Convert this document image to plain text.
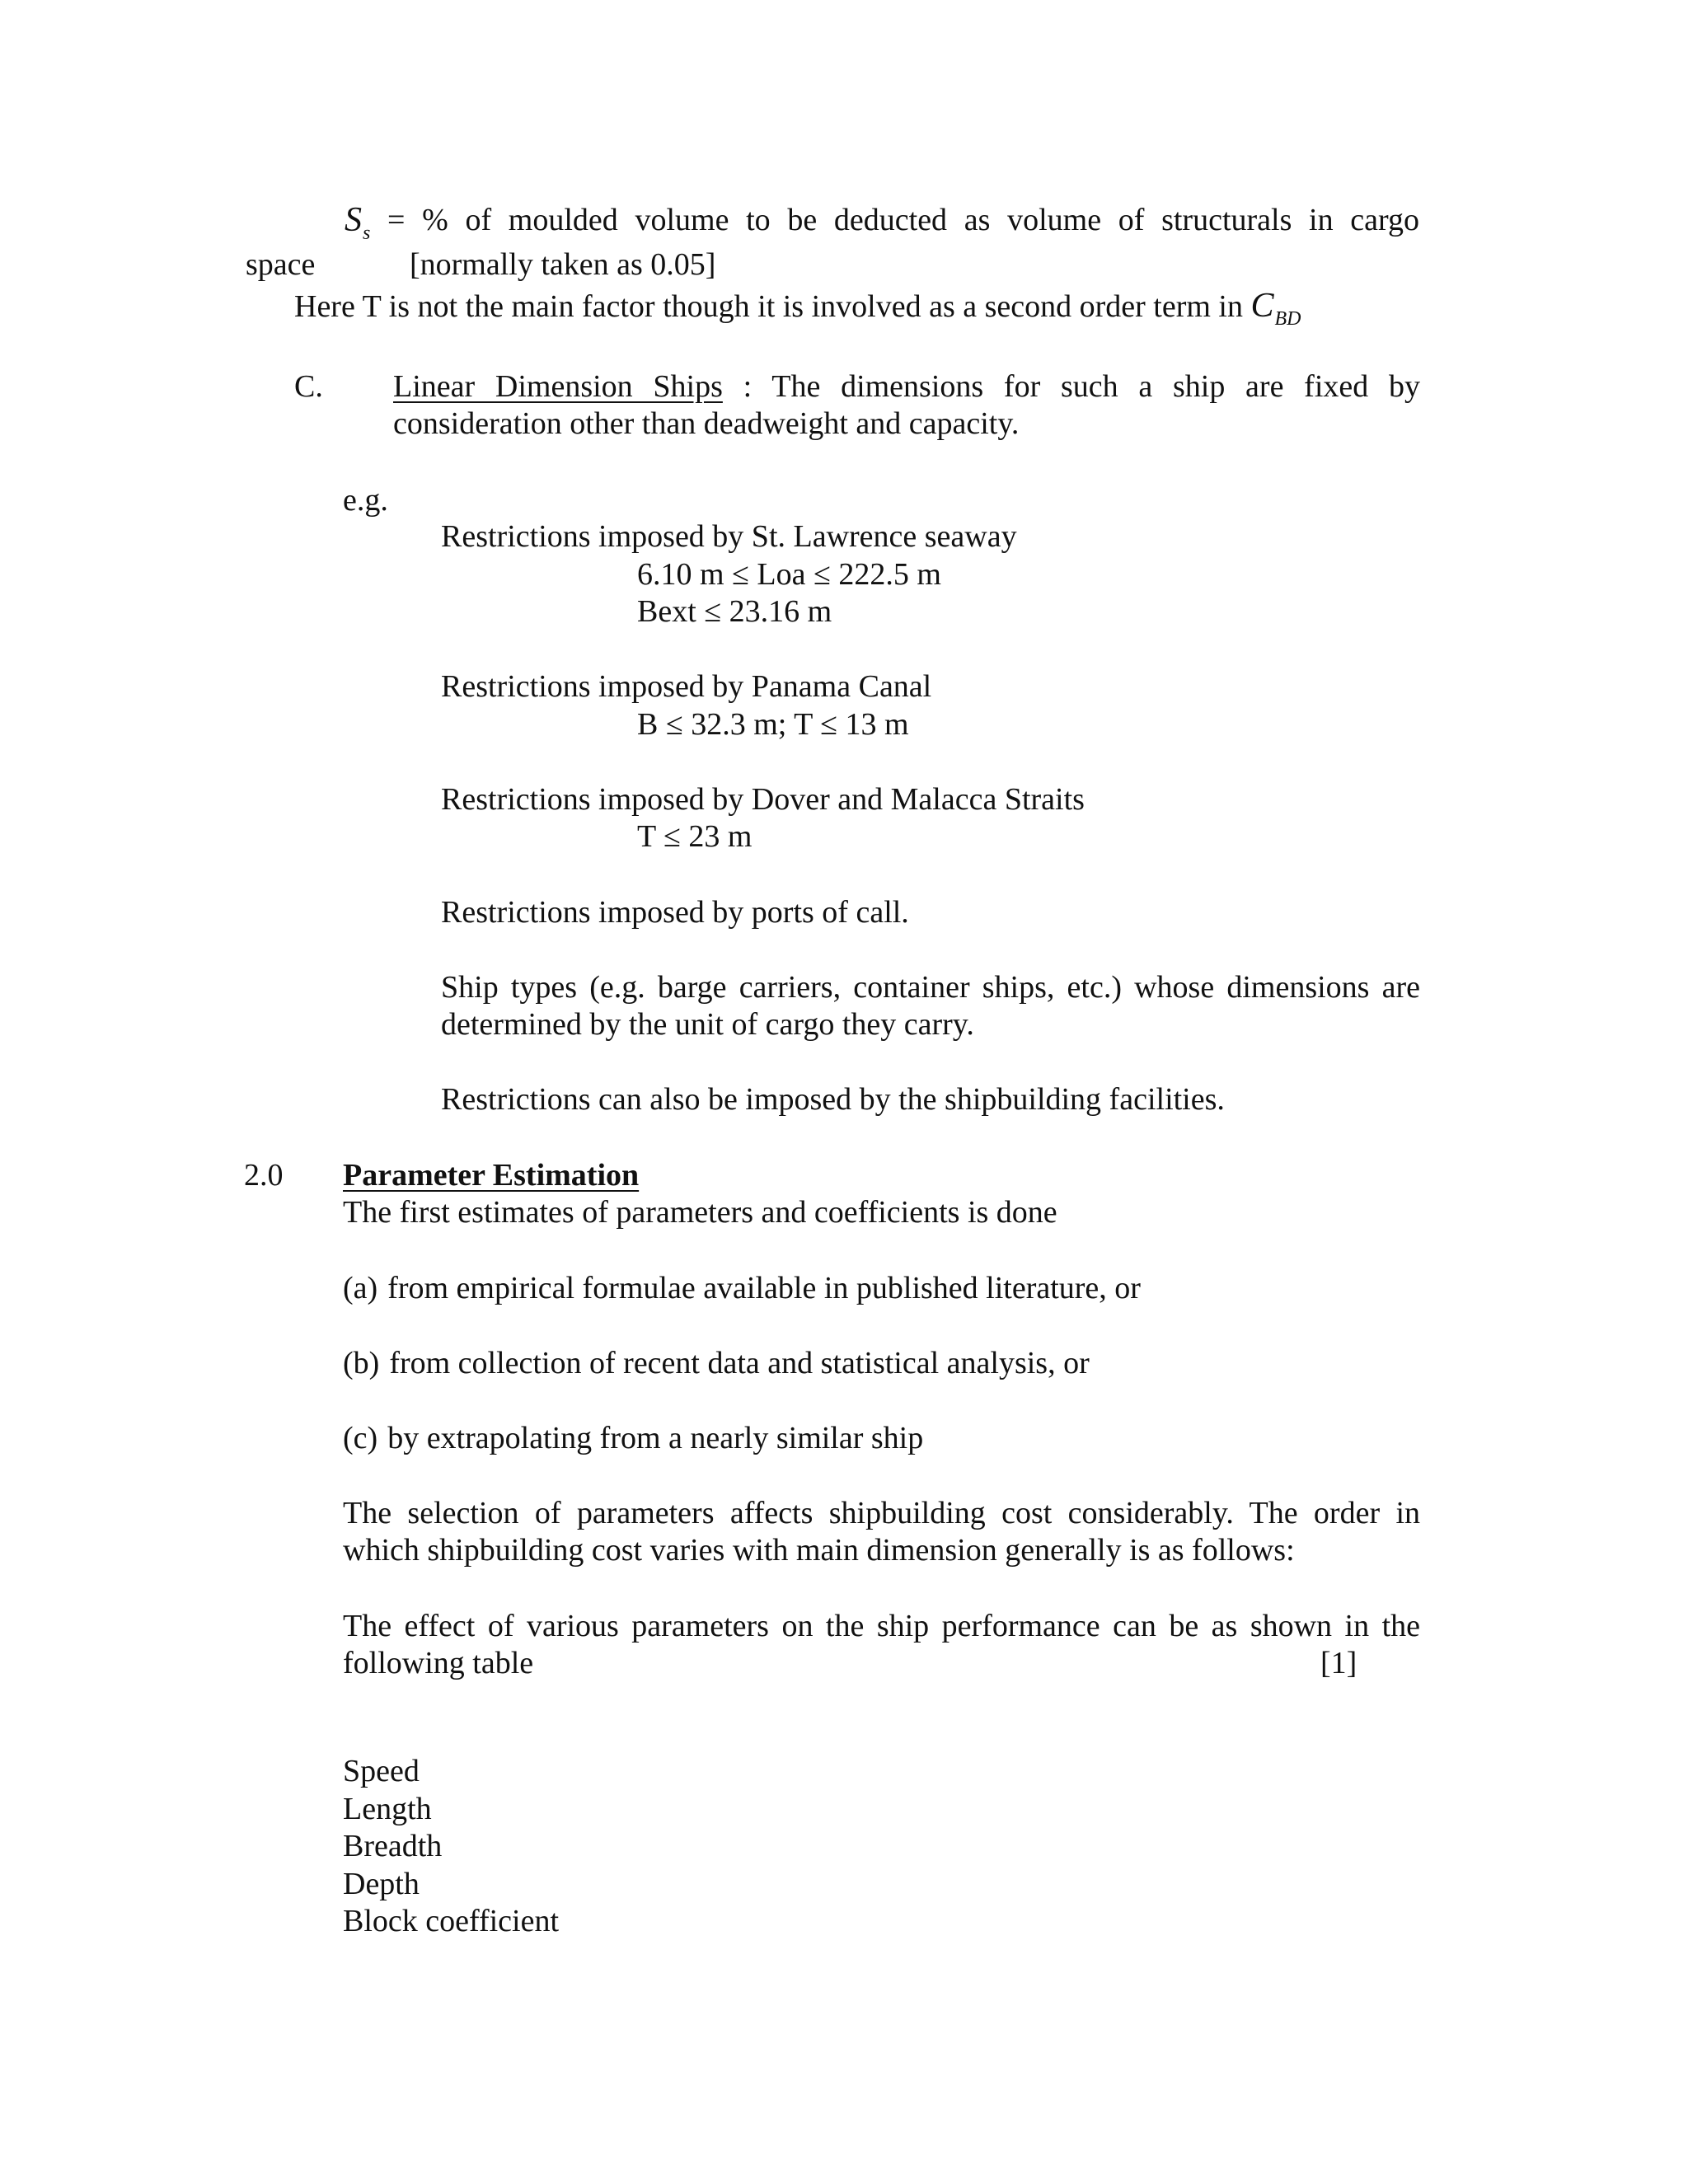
$S_s$ = % of moulded volume to be deducted as volume of structurals in cargo
space	[normally taken as 0.05]
Here T is not the main factor though it is involved as a second order term in $C_{BD}$
C. Linear Dimension Ships : The dimensions for such a ship are fixed by
consideration other than deadweight and capacity.
e.g.
Restrictions imposed by St. Lawrence seaway
6.10 m ≤ Loa ≤ 222.5 m
Bext ≤ 23.16 m
Restrictions imposed by Panama Canal
B ≤ 32.3 m; T ≤ 13 m
Restrictions imposed by Dover and Malacca Straits
T ≤ 23 m
Restrictions imposed by ports of call.
Ship types (e.g. barge carriers, container ships, etc.) whose dimensions are
determined by the unit of cargo they carry.
Restrictions can also be imposed by the shipbuilding facilities.
2.0 Parameter Estimation
The first estimates of parameters and coefficients is done
(a) from empirical formulae available in published literature, or
(b) from collection of recent data and statistical analysis, or
(c) by extrapolating from a nearly similar ship
The selection of parameters affects shipbuilding cost considerably. The order in
which shipbuilding cost varies with main dimension generally is as follows:
The effect of various parameters on the ship performance can be as shown in the
following table	[1]
Speed
Length
Breadth
Depth
Block coefficient
